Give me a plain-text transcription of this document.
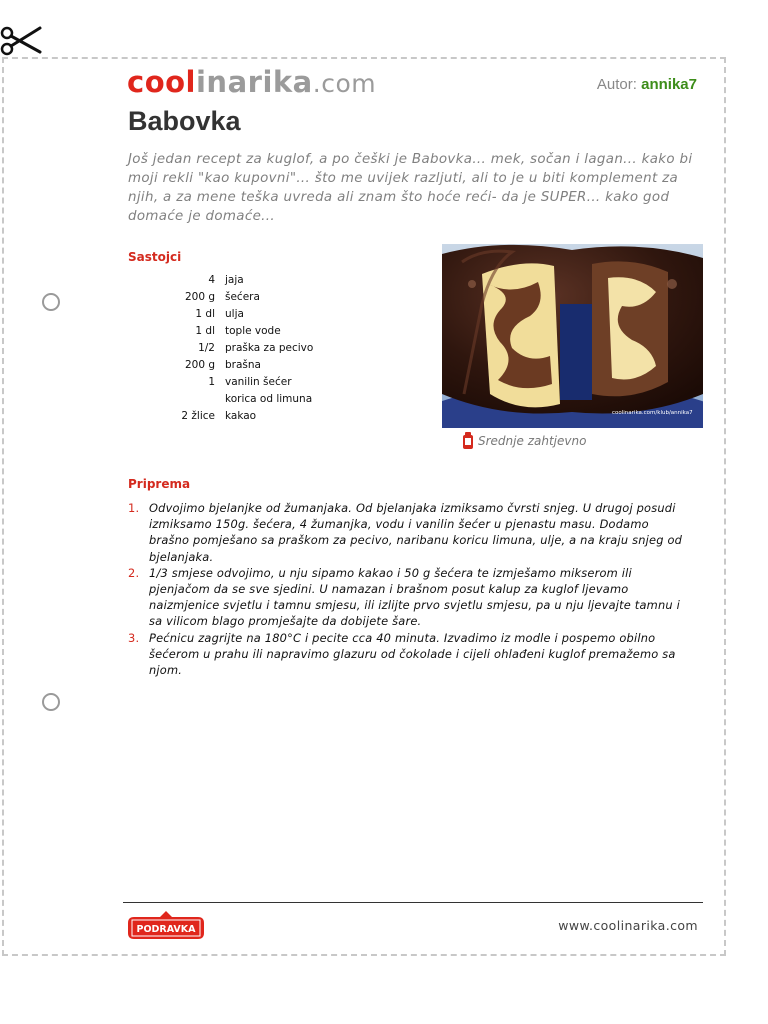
coolinarika.com	Autor: annika7
Babovka

Još jedan recept za kuglof, a po češki je Babovka... mek, sočan i lagan... kako bi moji rekli "kao kupovni"... što me uvijek razljuti, ali to je u biti komplement za njih, a za mene teška uvreda ali znam što hoće reći- da je SUPER... kako god domaće je domaće...

Sastojci
4	jaja
200 g	šećera
1 dl	ulja
1 dl	tople vode
1/2	praška za pecivo
200 g	brašna
1	vanilin šećer
	korica od limuna
2 žlice	kakao	coolinarika.com/klub/annika7
Srednje zahtjevno
Priprema
1. Odvojimo bjelanjke od žumanjaka. Od bjelanjaka izmiksamo čvrsti snjeg. U drugoj posudi izmiksamo 150g. šećera, 4 žumanjka, vodu i vanilin šećer u pjenastu masu. Dodamo brašno pomješano sa praškom za pecivo, naribanu koricu limuna, ulje, a na kraju snjeg od bjelanjaka.
2. 1/3 smjese odvojimo, u nju sipamo kakao i 50 g šećera te izmješamo mikserom ili pjenjačom da se sve sjedini. U namazan i brašnom posut kalup za kuglof ljevamo naizmjenice svjetlu i tamnu smjesu, ili izlijte prvo svjetlu smjesu, pa u nju ljevajte tamnu i sa vilicom blago promješajte da dobijete šare.
3. Pećnicu zagrijte na 180°C i pecite cca 40 minuta. Izvadimo iz modle i pospemo obilno šećerom u prahu ili napravimo glazuru od čokolade i cijeli ohlađeni kuglof premažemo sa njom.
PODRAVKA	www.coolinarika.com
